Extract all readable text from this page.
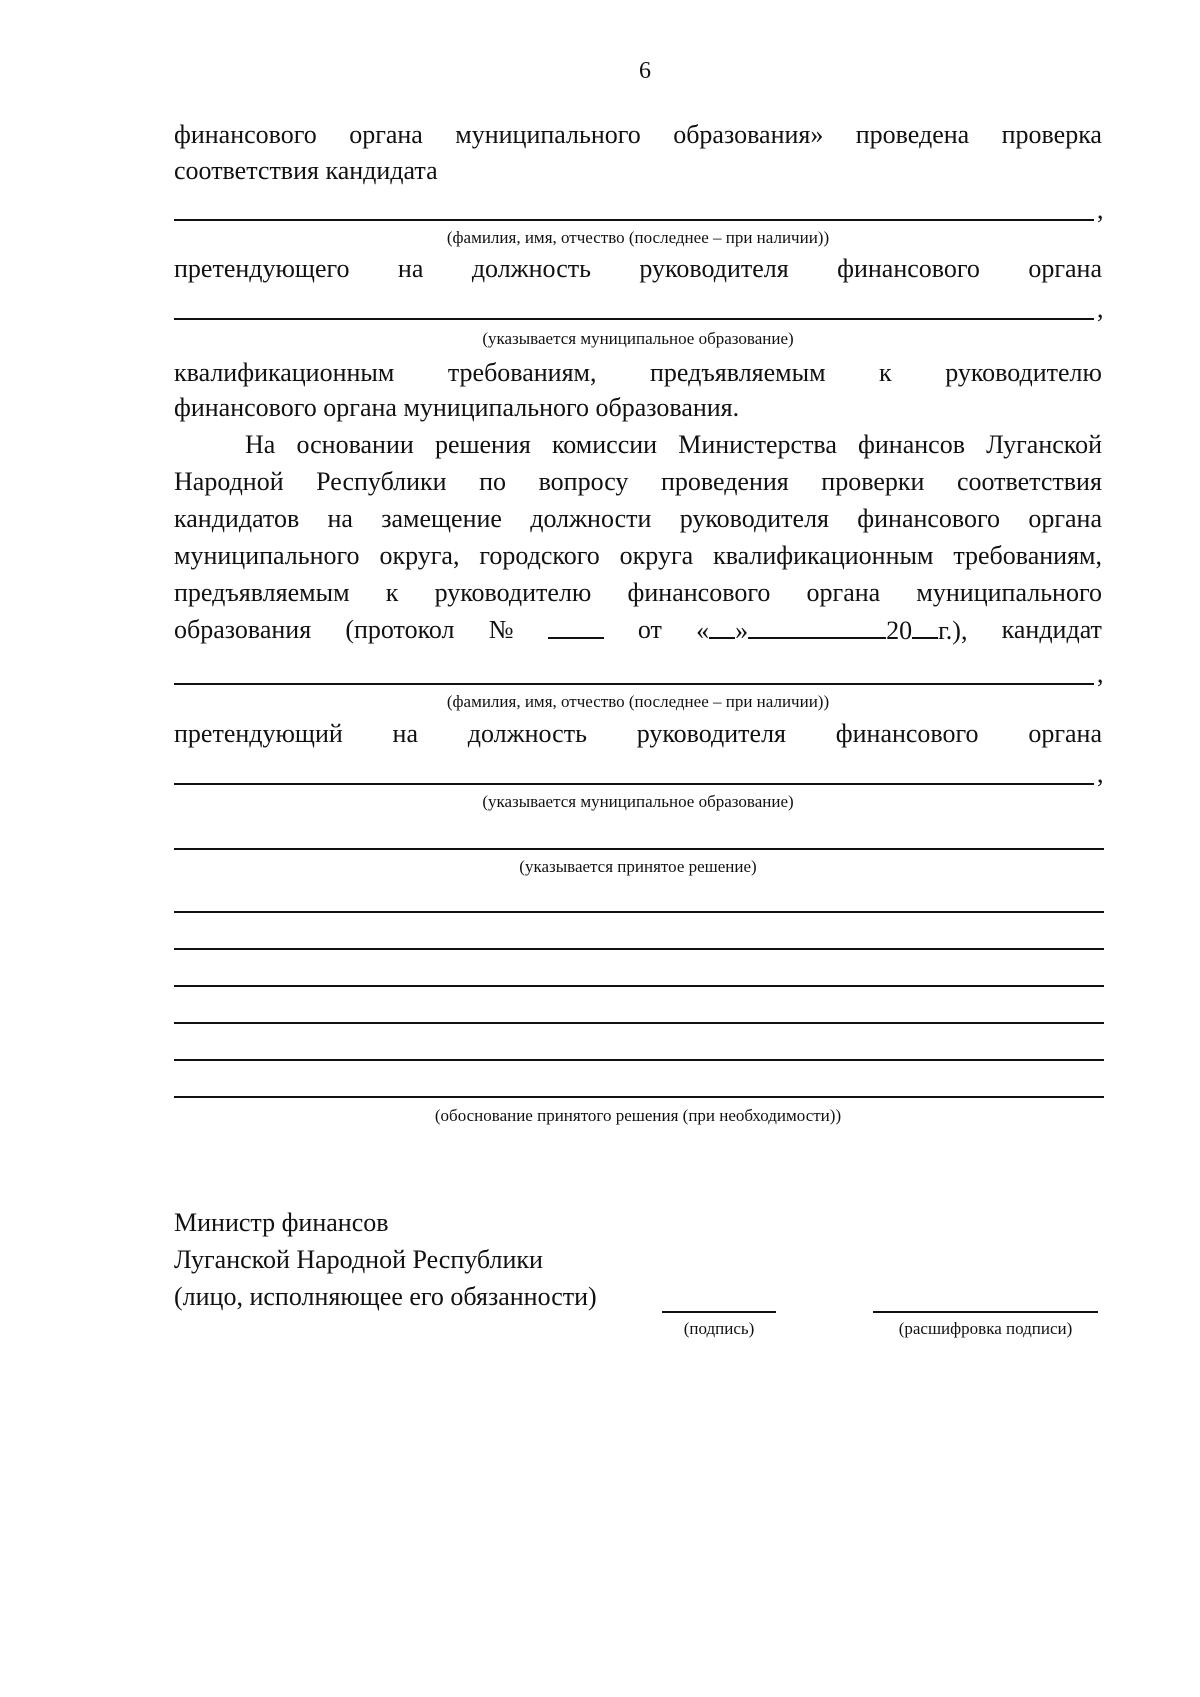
6
финансового органа муниципального образования» проведена проверка
соответствия кандидата
,
(фамилия, имя, отчество (последнее – при наличии))
претендующего на должность руководителя финансового органа
,
(указывается муниципальное образование)
квалификационным требованиям, предъявляемым к руководителю
финансового органа муниципального образования.
На основании решения комиссии Министерства финансов Луганской
Народной Республики по вопросу проведения проверки соответствия
кандидатов на замещение должности руководителя финансового органа
муниципального округа, городского округа квалификационным требованиям,
предъявляемым к руководителю финансового органа муниципального
образования (протокол №	от « »	20 г.), кандидат
,
(фамилия, имя, отчество (последнее – при наличии))
претендующий на должность руководителя финансового органа
,
(указывается муниципальное образование)
(указывается принятое решение)
(обоснование принятого решения (при необходимости))
Министр финансов
Луганской Народной Республики
(лицо, исполняющее его обязанности)
(подпись)	(расшифровка подписи)
